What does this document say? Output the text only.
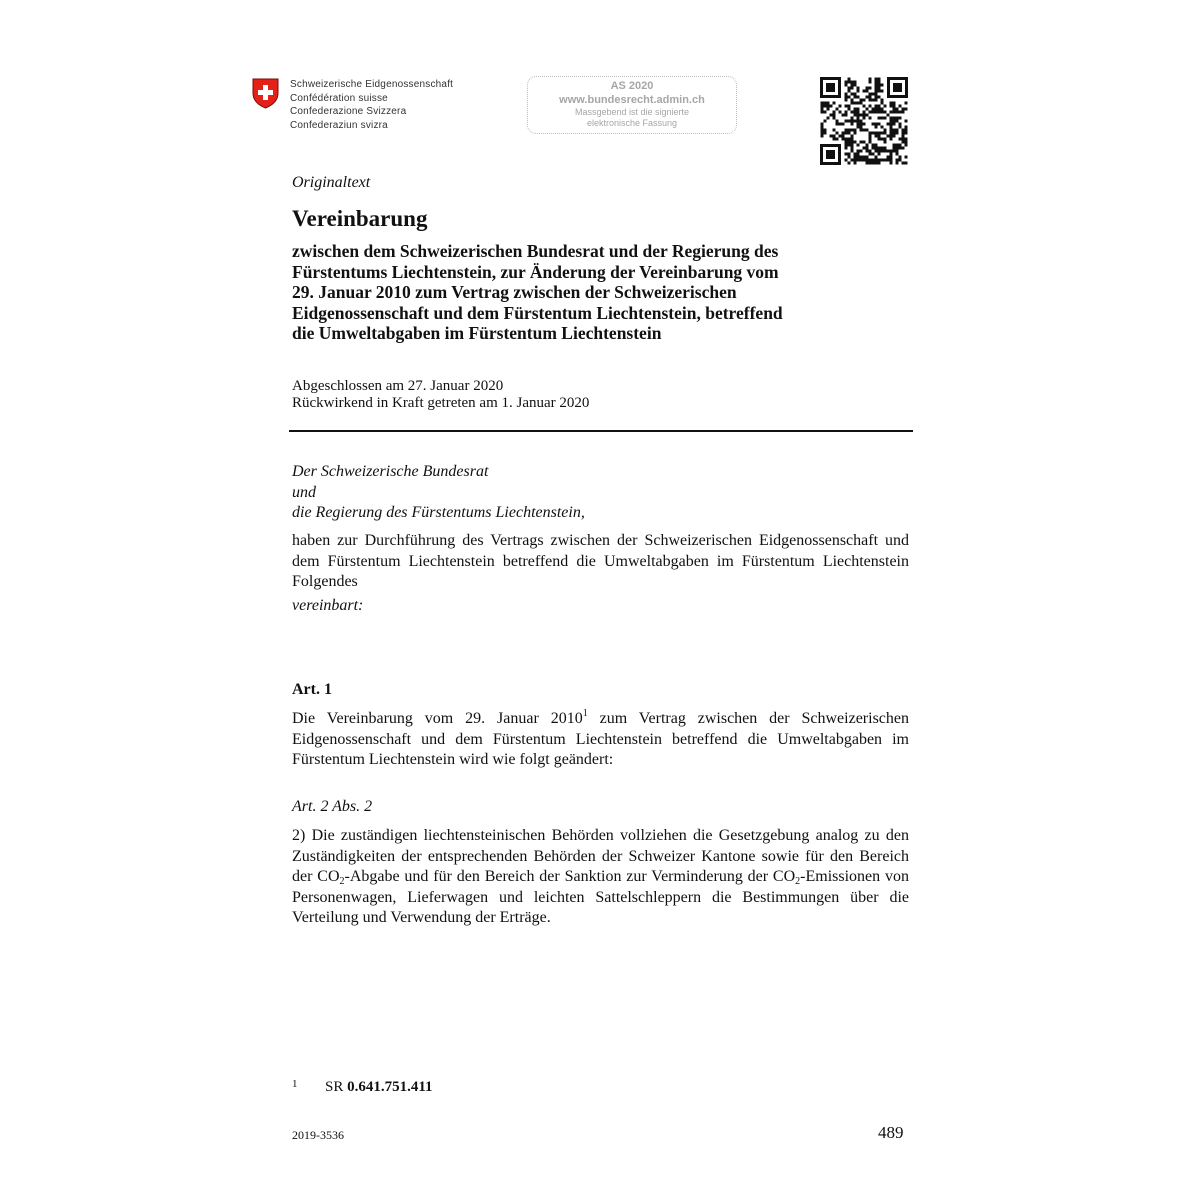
Schweizerische Eidgenossenschaft
Confédération suisse
Confederazione Svizzera
Confederaziun svizra
AS 2020
www.bundesrecht.admin.ch
Massgebend ist die signierte
elektronische Fassung
Originaltext
Vereinbarung
zwischen dem Schweizerischen Bundesrat und der Regierung des
Fürstentums Liechtenstein, zur Änderung der Vereinbarung vom
29. Januar 2010 zum Vertrag zwischen der Schweizerischen
Eidgenossenschaft und dem Fürstentum Liechtenstein, betreffend
die Umweltabgaben im Fürstentum Liechtenstein
Abgeschlossen am 27. Januar 2020
Rückwirkend in Kraft getreten am 1. Januar 2020
Der Schweizerische Bundesrat
und
die Regierung des Fürstentums Liechtenstein,
haben zur Durchführung des Vertrags zwischen der Schweizerischen Eidgenossenschaft und dem Fürstentum Liechtenstein betreffend die Umweltabgaben im Fürstentum Liechtenstein Folgendes
vereinbart:
Art. 1
Die Vereinbarung vom 29. Januar 2010$^1$ zum Vertrag zwischen der Schweizerischen Eidgenossenschaft und dem Fürstentum Liechtenstein betreffend die Umweltabgaben im Fürstentum Liechtenstein wird wie folgt geändert:
Art. 2 Abs. 2
2) Die zuständigen liechtensteinischen Behörden vollziehen die Gesetzgebung analog zu den Zuständigkeiten der entsprechenden Behörden der Schweizer Kantone sowie für den Bereich der $CO_2$-Abgabe und für den Bereich der Sanktion zur Verminderung der $CO_2$-Emissionen von Personenwagen, Lieferwagen und leichten Sattelschleppern die Bestimmungen über die Verteilung und Verwendung der Erträge.
1 SR 0.641.751.411
2019-3536	489
